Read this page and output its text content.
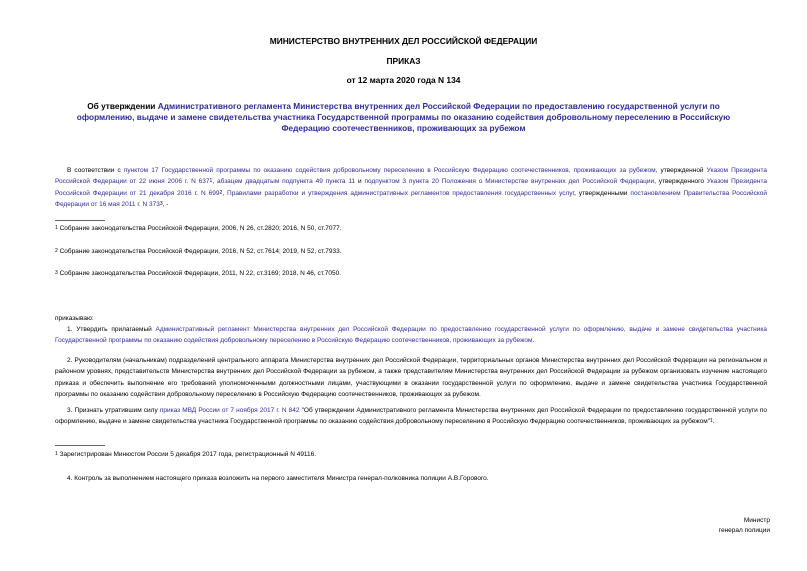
МИНИСТЕРСТВО ВНУТРЕННИХ ДЕЛ РОССИЙСКОЙ ФЕДЕРАЦИИ
ПРИКАЗ
от 12 марта 2020 года N 134
Об утверждении Административного регламента Министерства внутренних дел Российской Федерации по предоставлению государственной услуги по оформлению, выдаче и замене свидетельства участника Государственной программы по оказанию содействия добровольному переселению в Российскую Федерацию соотечественников, проживающих за рубежом
В соответствии с пунктом 17 Государственной программы по оказанию содействия добровольному переселению в Российскую Федерацию соотечественников, проживающих за рубежом, утвержденной Указом Президента Российской Федерации от 22 июня 2006 г. N $637^1$, абзацем двадцатым подпункта 49 пункта 11 и подпунктом 3 пункта 20 Положения о Министерстве внутренних дел Российской Федерации, утвержденного Указом Президента Российской Федерации от 21 декабря 2016 г. N $699^2$, Правилами разработки и утверждения административных регламентов предоставления государственных услуг, утвержденными постановлением Правительства Российской Федерации от 16 мая 2011 г. N $373^3$, -
$^1$ Собрание законодательства Российской Федерации, 2006, N 26, ст.2820; 2016, N 50, ст.7077.
$^2$ Собрание законодательства Российской Федерации, 2016, N 52, ст.7614; 2019, N 52, ст.7933.
$^3$ Собрание законодательства Российской Федерации, 2011, N 22, ст.3169; 2018, N 46, ст.7050.
приказываю:
1. Утвердить прилагаемый Административный регламент Министерства внутренних дел Российской Федерации по предоставлению государственной услуги по оформлению, выдаче и замене свидетельства участника Государственной программы по оказанию содействия добровольному переселению в Российскую Федерацию соотечественников, проживающих за рубежом.
2. Руководителям (начальникам) подразделений центрального аппарата Министерства внутренних дел Российской Федерации, территориальных органов Министерства внутренних дел Российской Федерации на региональном и районном уровнях, представительств Министерства внутренних дел Российской Федерации за рубежом, а также представителям Министерства внутренних дел Российской Федерации за рубежом организовать изучение настоящего приказа и обеспечить выполнение его требований уполномоченными должностными лицами, участвующими в оказании государственной услуги по оформлению, выдаче и замене свидетельства участника Государственной программы по оказанию содействия добровольному переселению в Российскую Федерацию соотечественников, проживающих за рубежом.
3. Признать утратившим силу приказ МВД России от 7 ноября 2017 г. N 842 "Об утверждении Административного регламента Министерства внутренних дел Российской Федерации по предоставлению государственной услуги по оформлению, выдаче и замене свидетельства участника Государственной программы по оказанию содействия добровольному переселению в Российскую Федерацию соотечественников, проживающих за рубежом"$^1$.
$^1$ Зарегистрирован Минюстом России 5 декабря 2017 года, регистрационный N 49116.
4. Контроль за выполнением настоящего приказа возложить на первого заместителя Министра генерал-полковника полиции А.В.Горового.
Министр
генерал полиции
